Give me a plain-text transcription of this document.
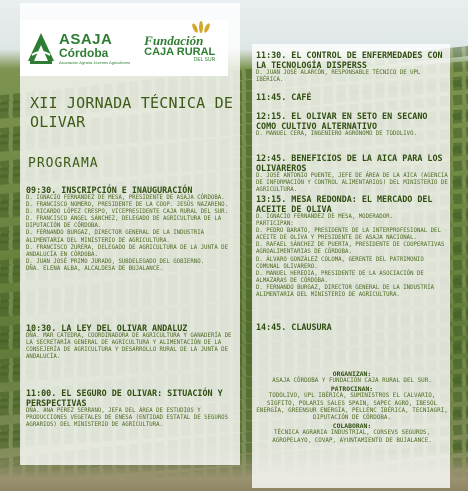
ASAJA
Córdoba
Asociación Agraria Jóvenes Agricultores
Fundación
CAJA RURAL
DEL SUR
XII JORNADA TÉCNICA DE OLIVAR
PROGRAMA
09:30. INSCRIPCIÓN E INAUGURACIÓN
D. IGNACIO FERNÁNDEZ DE MESA, PRESIDENTE DE ASAJA CÓRDOBA.
D. FRANCISCO NOMERO, PRESIDENTE DE LA COOP. JESÚS NAZARENO.
D. RICARDO LÓPEZ CRESPO, VICEPRESIDENTE CAJA RURAL DEL SUR.
D. FRANCISCO ÁNGEL SÁNCHEZ, DELEGADO DE AGRICULTURA DE LA DIPUTACIÓN DE CÓRDOBA.
D. FERNANDO BURGAZ, DIRECTOR GENERAL DE LA INDUSTRIA ALIMENTARIA DEL MINISTERIO DE AGRICULTURA.
D. FRANCISCO ZURERA, DELEGADO DE AGRICULTURA DE LA JUNTA DE ANDALUCÍA EN CÓRDOBA.
D. JUAN JOSÉ PRIMO JURADO, SUBDELEGADO DEL GOBIERNO.
DÑA. ELENA ALBA, ALCALDESA DE BUJALANCE.
10:30. LA LEY DEL OLIVAR ANDALUZ
DÑA. MAR CÁTEDRA, COORDINADORA DE AGRICULTURA Y GANADERÍA DE LA SECRETARÍA GENERAL DE AGRICULTURA Y ALIMENTACIÓN DE LA CONSEJERÍA DE AGRICULTURA Y DESARROLLO RURAL DE LA JUNTA DE ANDALUCÍA.
11:00. EL SEGURO DE OLIVAR: SITUACIÓN Y PERSPECTIVAS
DÑA. ANA PÉREZ SERRANO, JEFA DEL ÁREA DE ESTUDIOS Y PRODUCCIONES VEGETALES DE ENESA (ENTIDAD ESTATAL DE SEGUROS AGRARIOS) DEL MINISTERIO DE AGRICULTURA.
11:30. EL CONTROL DE ENFERMEDADES CON LA TECNOLOGÍA DISPERSS
D. JUAN JOSÉ ALARCÓN, RESPONSABLE TÉCNICO DE UPL IBÉRICA.
11:45. CAFÉ
12:15. EL OLIVAR EN SETO EN SECANO COMO CULTIVO ALTERNATIVO
D. MANUEL CERA, INGENIERO AGRÓNOMO DE TODOLIVO.
12:45. BENEFICIOS DE LA AICA PARA LOS OLIVAREROS
D. JOSÉ ANTONIO PUENTE, JEFE DE ÁREA DE LA AICA (AGENCIA DE INFORMACIÓN Y CONTROL ALIMENTARIOS) DEL MINISTERIO DE AGRICULTURA.
13:15. MESA REDONDA: EL MERCADO DEL ACEITE DE OLIVA
D. IGNACIO FERNÁNDEZ DE MESA, MODERADOR.
PARTICIPAN:
D. PEDRO BARATO, PRESIDENTE DE LA INTERPROFESIONAL DEL ACEITE DE OLIVA Y PRESIDENTE DE ASAJA NACIONAL.
D. RAFAEL SÁNCHEZ DE PUERTA, PRESIDENTE DE COOPERATIVAS AGROALIMENTARIAS DE CÓRDOBA.
D. ÁLVARO GONZÁLEZ COLOMA, GERENTE DEL PATRIMONIO COMUNAL OLIVARERO.
D. MANUEL HEREDIA, PRESIDENTE DE LA ASOCIACIÓN DE ALMAZARAS DE CÓRDOBA.
D. FERNANDO BURGAZ, DIRECTOR GENERAL DE LA INDUSTRIA ALIMENTARIA DEL MINISTERIO DE AGRICULTURA.
14:45. CLAUSURA
ORGANIZAN:
ASAJA CÓRDOBA Y FUNDACIÓN CAJA RURAL DEL SUR.
PATROCINAN:
TODOLIVO, UPL IBÉRICA, SUMINISTROS EL CALVARIO, SIGFITO, POLARIS SALES SPAIN, SAPEC AGRO, IBESOL ENERGÍA, GREENSUR ENERGÍA, PELLENC IBÉRICA, TECNIAGRI, DIPUTACIÓN DE CÓRDOBA.
COLABORAN:
TÉCNICA AGRARIA INDUSTRIAL, CORSEVS SEGUROS, AGROPELAYO, COVAP, AYUNTAMIENTO DE BUJALANCE.
